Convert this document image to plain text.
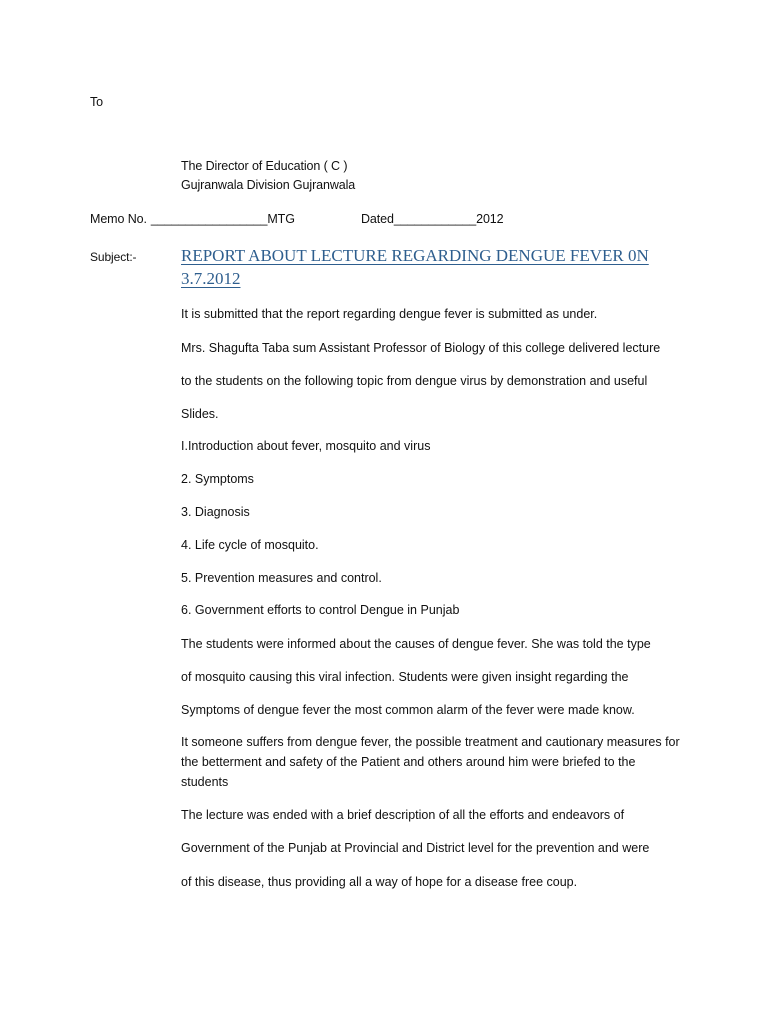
To
The Director of Education ( C )
Gujranwala Division Gujranwala
Memo No. _________________MTG	Dated____________2012
Subject:-	REPORT ABOUT LECTURE REGARDING DENGUE FEVER 0N 3.7.2012
It is submitted that the report regarding dengue fever is submitted as under.
Mrs. Shagufta Taba sum Assistant Professor of Biology of this college delivered lecture
to the students on the following topic from dengue virus by demonstration and useful
Slides.
I.Introduction about fever, mosquito and virus
2. Symptoms
3. Diagnosis
4. Life cycle of mosquito.
5. Prevention measures and control.
6. Government efforts to control Dengue in Punjab
The students were informed about the causes of dengue fever. She was told the type
of mosquito causing this viral infection. Students were given insight regarding the
Symptoms of dengue fever the most common alarm of the fever were made know.
It someone suffers from dengue fever, the possible treatment and cautionary measures for the betterment and safety of the Patient and others around him were briefed to the students
The lecture was ended with a brief description of all the efforts and endeavors of
Government of the Punjab at Provincial and District level for the prevention and were
of this disease, thus providing all a way of hope for a disease free coup.
